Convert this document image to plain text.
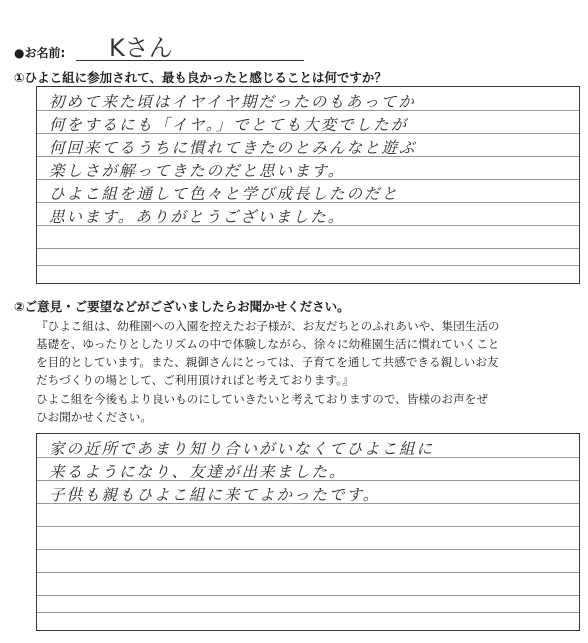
●お名前: Kさん
①ひよこ組に参加されて、最も良かったと感じることは何ですか？

初めて来た頃はイヤイヤ期だったのもあってか

何をするにも「イヤ。」でとても大変でしたが

何回来てるうちに慣れてきたのとみんなと遊ぶ

楽しさが解ってきたのだと思います。

ひよこ組を通して色々と学び成長したのだと

思います。ありがとうございました。

②ご意見・ご要望などがございましたらお聞かせください。
『ひよこ組は、幼稚園への入園を控えたお子様が、お友だちとのふれあいや、集団生活の
基礎を、ゆったりとしたリズムの中で体験しながら、徐々に幼稚園生活に慣れていくこと
を目的としています。また、親御さんにとっては、子育てを通して共感できる親しいお友
だちづくりの場として、ご利用頂ければと考えております。』
ひよこ組を今後もより良いものにしていきたいと考えておりますので、皆様のお声をぜ
ひお聞かせください。

家の近所であまり知り合いがいなくてひよこ組に

来るようになり、友達が出来ました。

子供も親もひよこ組に来てよかったです。
